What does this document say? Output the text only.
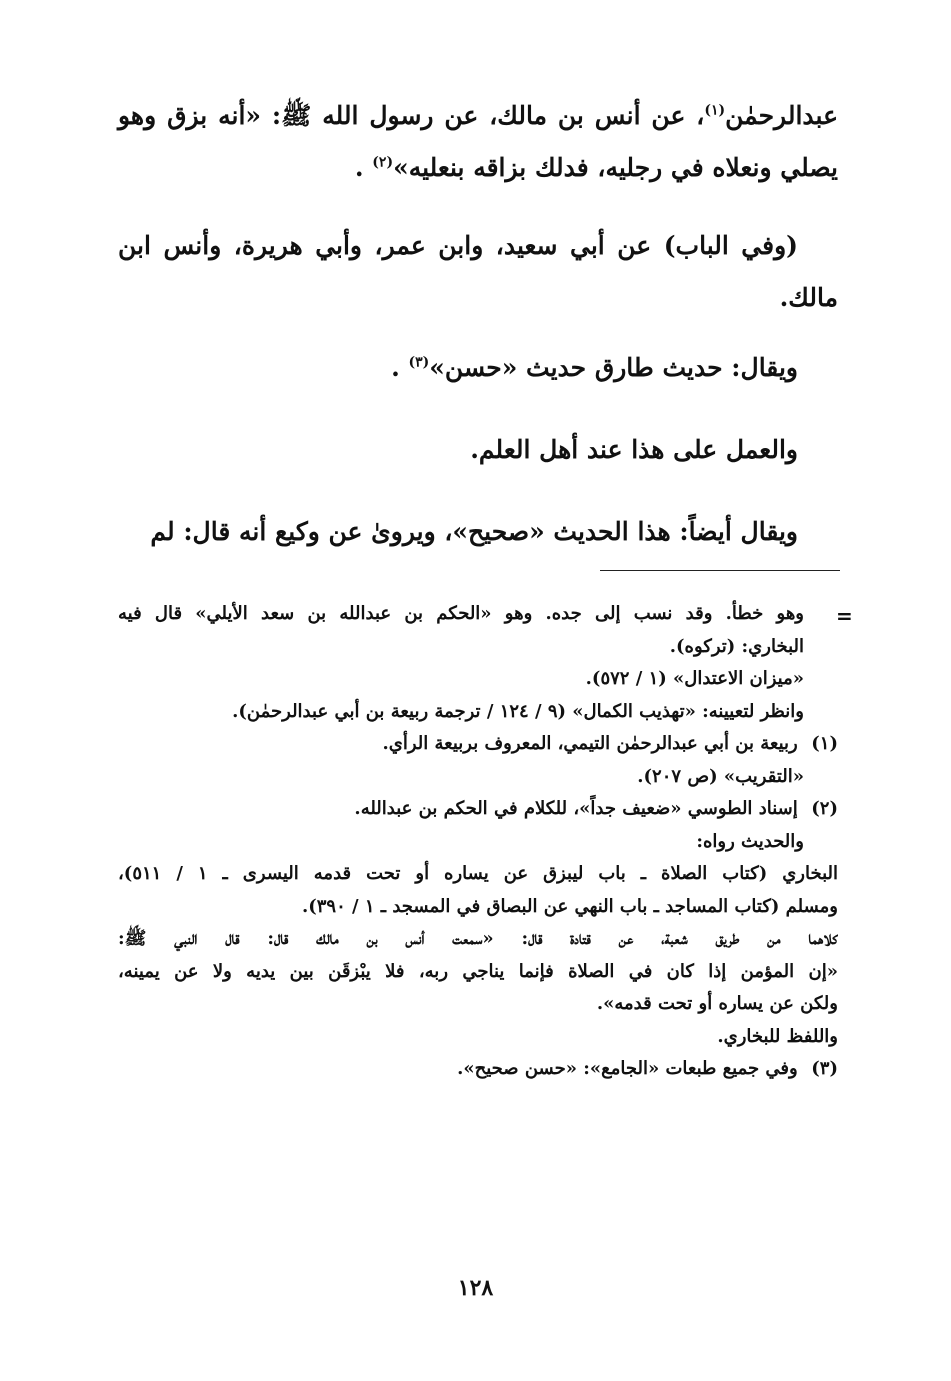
عبدالرحمٰن$^{(١)}$، عن أنس بن مالك، عن رسول الله ﷺ: «أنه بزق وهو يصلي ونعلاه في رجليه، فدلك بزاقه بنعليه»$^{(٢)}$ .

(وفي الباب) عن أبي سعيد، وابن عمر، وأبي هريرة، وأنس ابن مالك.

ويقال: حديث طارق حديث «حسن»$^{(٣)}$ .

والعمل على هذا عند أهل العلم.

ويقال أيضاً: هذا الحديث «صحيح»، ويروىٰ عن وكيع أنه قال: لم

=

وهو خطأ. وقد نسب إلى جده. وهو «الحكم بن عبدالله بن سعد الأيلي» قال فيه

البخاري: (تركوه).

«ميزان الاعتدال» (١ / ٥٧٢).

وانظر لتعيينه: «تهذيب الكمال» (٩ / ١٢٤ / ترجمة ربيعة بن أبي عبدالرحمٰن).

(١) ربيعة بن أبي عبدالرحمٰن التيمي، المعروف بربيعة الرأي.

«التقريب» (ص ٢٠٧).

(٢) إسناد الطوسي «ضعيف جداً»، للكلام في الحكم بن عبدالله.

والحديث رواه:

البخاري (كتاب الصلاة ـ باب ليبزق عن يساره أو تحت قدمه اليسرى ـ ١ / ٥١١)،

ومسلم (كتاب المساجد ـ باب النهي عن البصاق في المسجد ـ ١ / ٣٩٠).

كلاهما من طريق شعبة، عن قتادة قال: «سمعت أنس بن مالك قال: قال النبي ﷺ:

«إن المؤمن إذا كان في الصلاة فإنما يناجي ربه، فلا يبْزقَن بين يديه ولا عن يمينه،

ولكن عن يساره أو تحت قدمه».

واللفظ للبخاري.

(٣) وفي جميع طبعات «الجامع»: «حسن صحيح».

١٢٨
